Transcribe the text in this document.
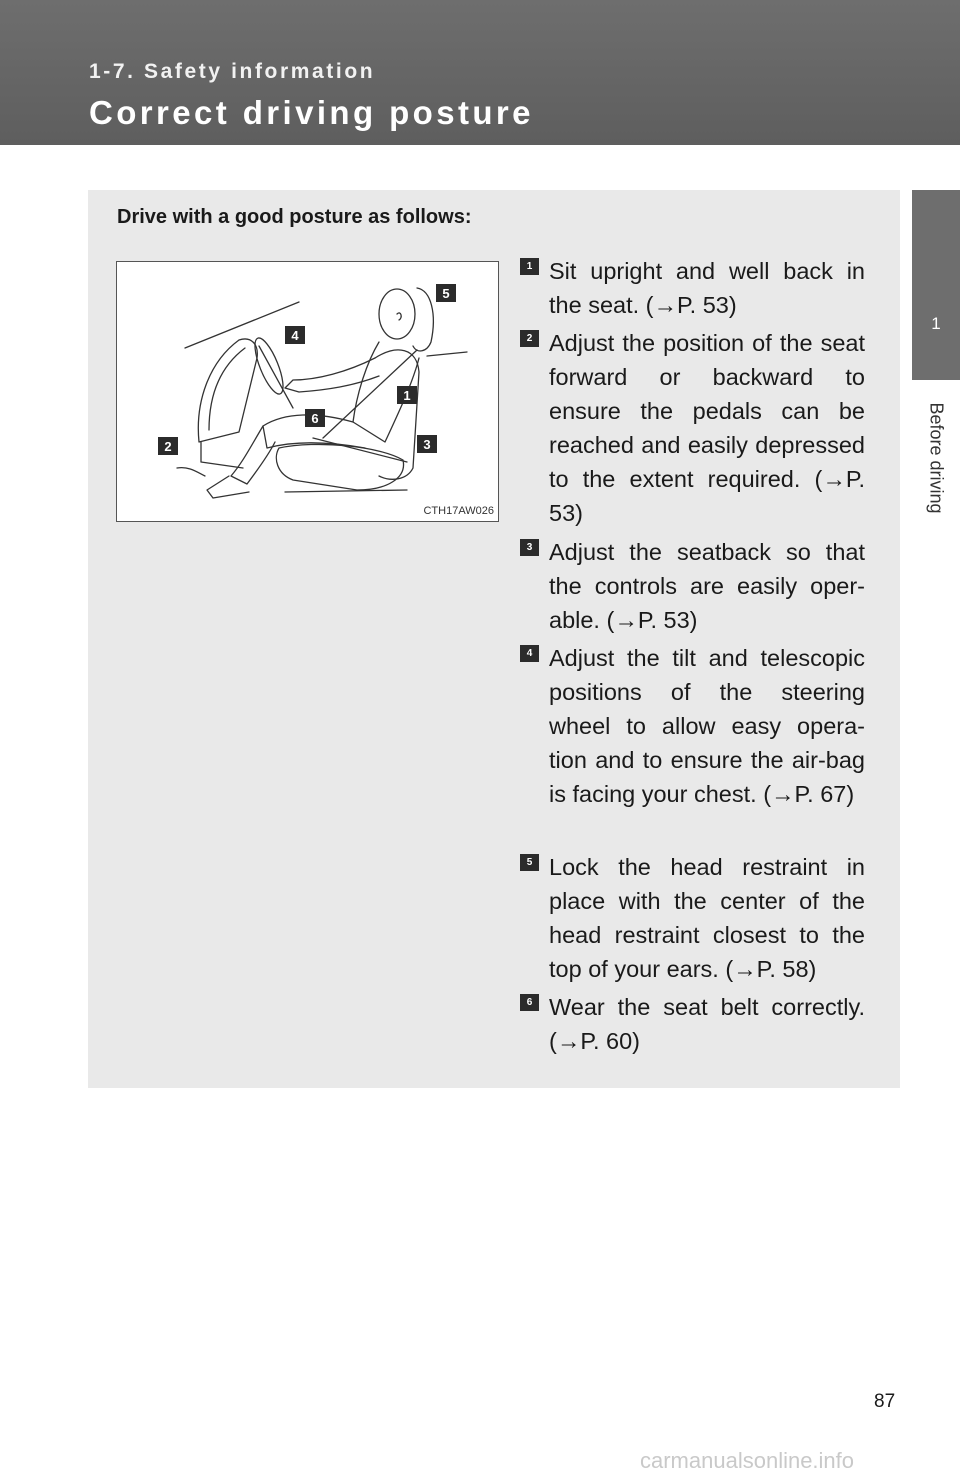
1-7. Safety information
Correct driving posture
1
Before driving
Drive with a good posture as follows:
1
2	3
4
5
6
CTH17AW026
1 Sit upright and well back in the seat. (→P. 53)
2 Adjust the position of the seat forward or backward to ensure the pedals can be reached and easily depressed to the extent required. (→P. 53)
3 Adjust the seatback so that the controls are easily oper-able. (→P. 53)
4 Adjust the tilt and telescopic positions of the steering wheel to allow easy opera-tion and to ensure the air-bag is facing your chest. (→P. 67)
5 Lock the head restraint in place with the center of the head restraint closest to the top of your ears. (→P. 58)
6 Wear the seat belt correctly. (→P. 60)
87
carmanualsonline.info
